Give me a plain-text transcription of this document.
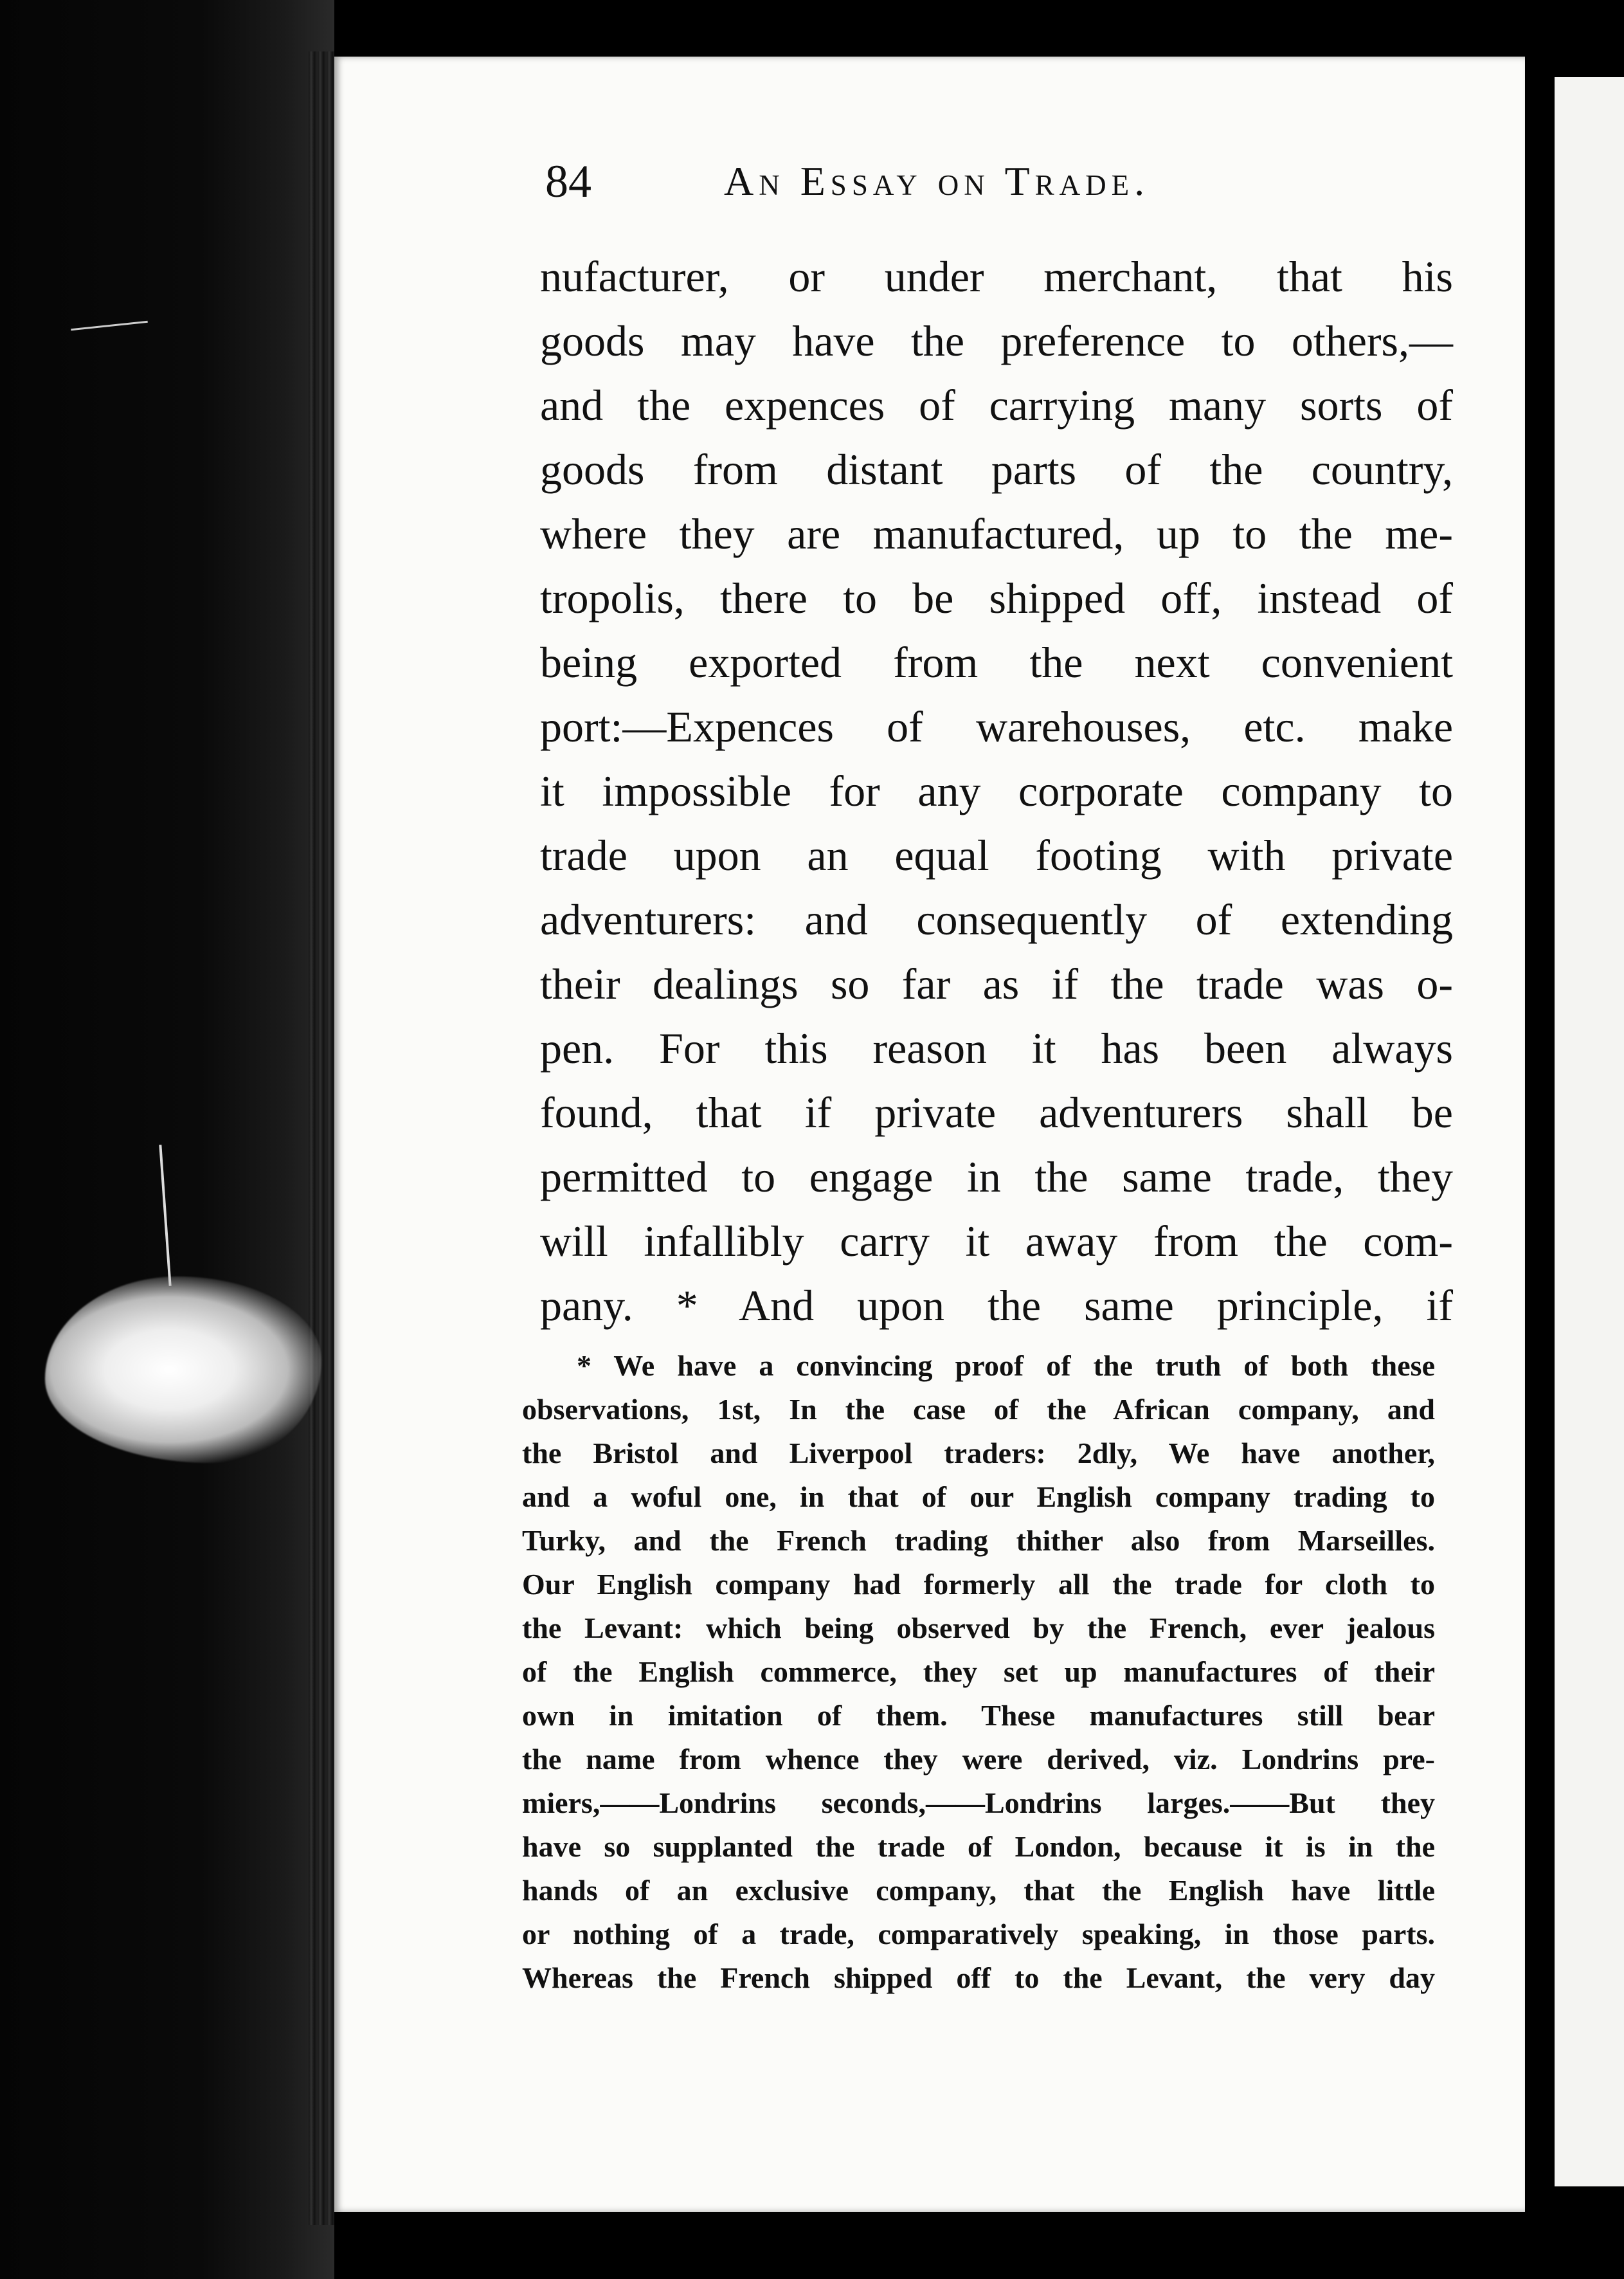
84	An Essay on Trade.
nufacturer, or under merchant, that his
goods may have the preference to others,—
and the expences of carrying many sorts of
goods from distant parts of the country,
where they are manufactured, up to the me-
tropolis, there to be shipped off, instead of
being exported from the next convenient
port:—Expences of warehouses, etc. make
it impossible for any corporate company to
trade upon an equal footing with private
adventurers: and consequently of extending
their dealings so far as if the trade was o-
pen. For this reason it has been always
found, that if private adventurers shall be
permitted to engage in the same trade, they
will infallibly carry it away from the com-
pany. * And upon the same principle, if
* We have a convincing proof of the truth of both these
observations, 1st, In the case of the African company, and
the Bristol and Liverpool traders: 2dly, We have another,
and a woful one, in that of our English company trading to
Turky, and the French trading thither also from Marseilles.
Our English company had formerly all the trade for cloth to
the Levant: which being observed by the French, ever jealous
of the English commerce, they set up manufactures of their
own in imitation of them. These manufactures still bear
the name from whence they were derived, viz. Londrins pre-
miers,——Londrins seconds,——Londrins larges.——But they
have so supplanted the trade of London, because it is in the
hands of an exclusive company, that the English have little
or nothing of a trade, comparatively speaking, in those parts.
Whereas the French shipped off to the Levant, the very day
